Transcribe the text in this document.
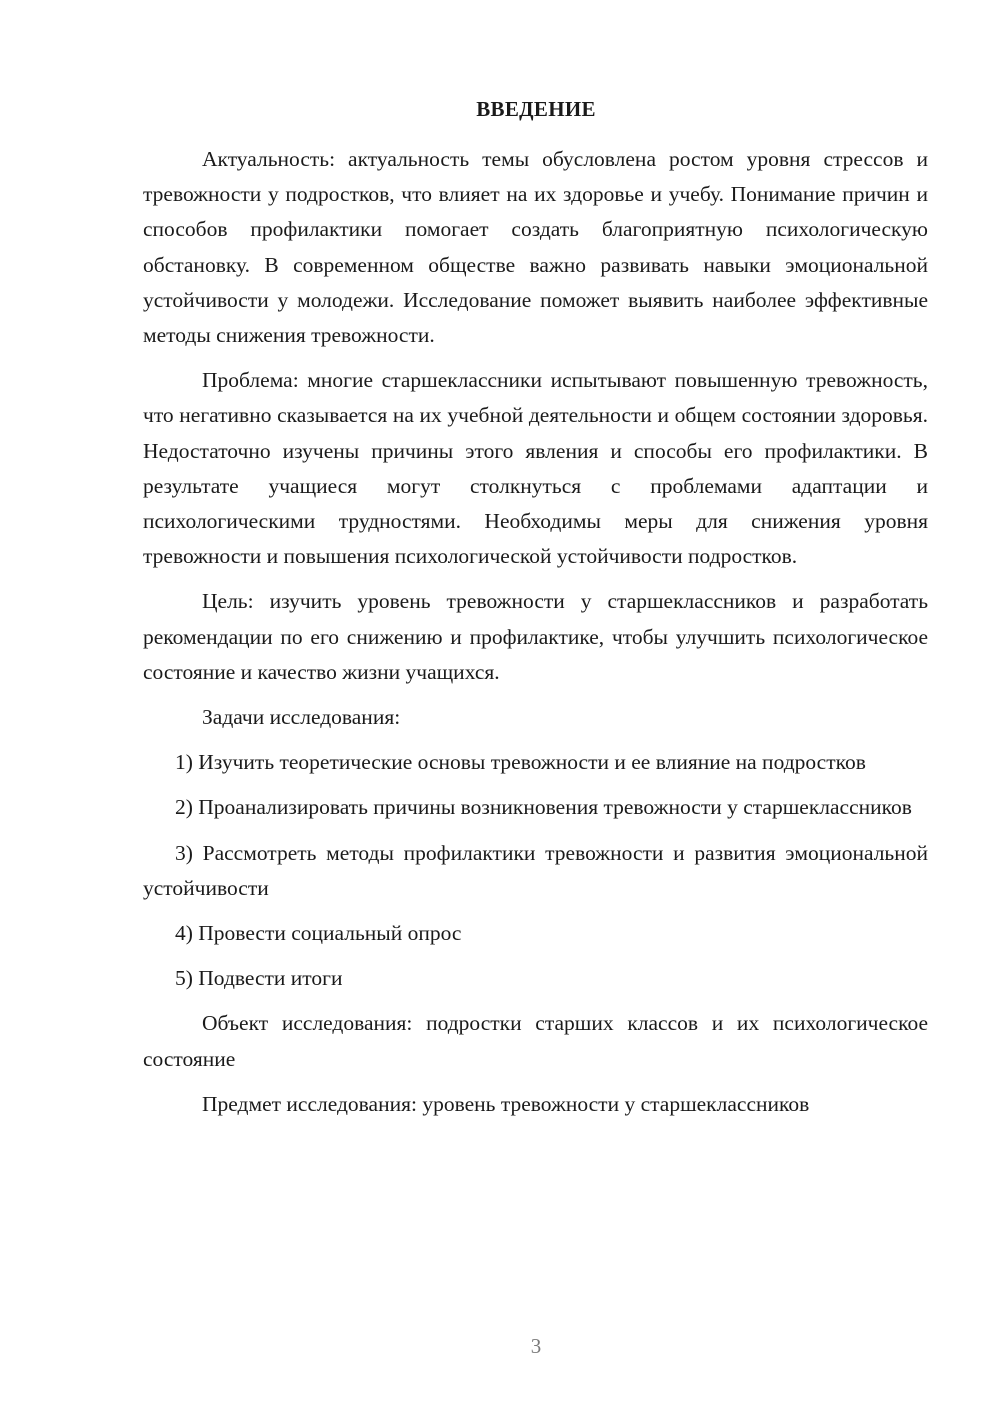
ВВЕДЕНИЕ

Актуальность: актуальность темы обусловлена ростом уровня стрессов и тревожности у подростков, что влияет на их здоровье и учебу. Понимание причин и способов профилактики помогает создать благоприятную психологическую обстановку. В современном обществе важно развивать навыки эмоциональной устойчивости у молодежи. Исследование поможет выявить наиболее эффективные методы снижения тревожности.

Проблема: многие старшеклассники испытывают повышенную тревожность, что негативно сказывается на их учебной деятельности и общем состоянии здоровья. Недостаточно изучены причины этого явления и способы его профилактики. В результате учащиеся могут столкнуться с проблемами адаптации и психологическими трудностями. Необходимы меры для снижения уровня тревожности и повышения психологической устойчивости подростков.

Цель: изучить уровень тревожности у старшеклассников и разработать рекомендации по его снижению и профилактике, чтобы улучшить психологическое состояние и качество жизни учащихся.

Задачи исследования:

1) Изучить теоретические основы тревожности и ее влияние на подростков

2) Проанализировать причины возникновения тревожности у старшеклассников

3) Рассмотреть методы профилактики тревожности и развития эмоциональной устойчивости

4) Провести социальный опрос

5) Подвести итоги

Объект исследования: подростки старших классов и их психологическое состояние

Предмет исследования: уровень тревожности у старшеклассников

3
